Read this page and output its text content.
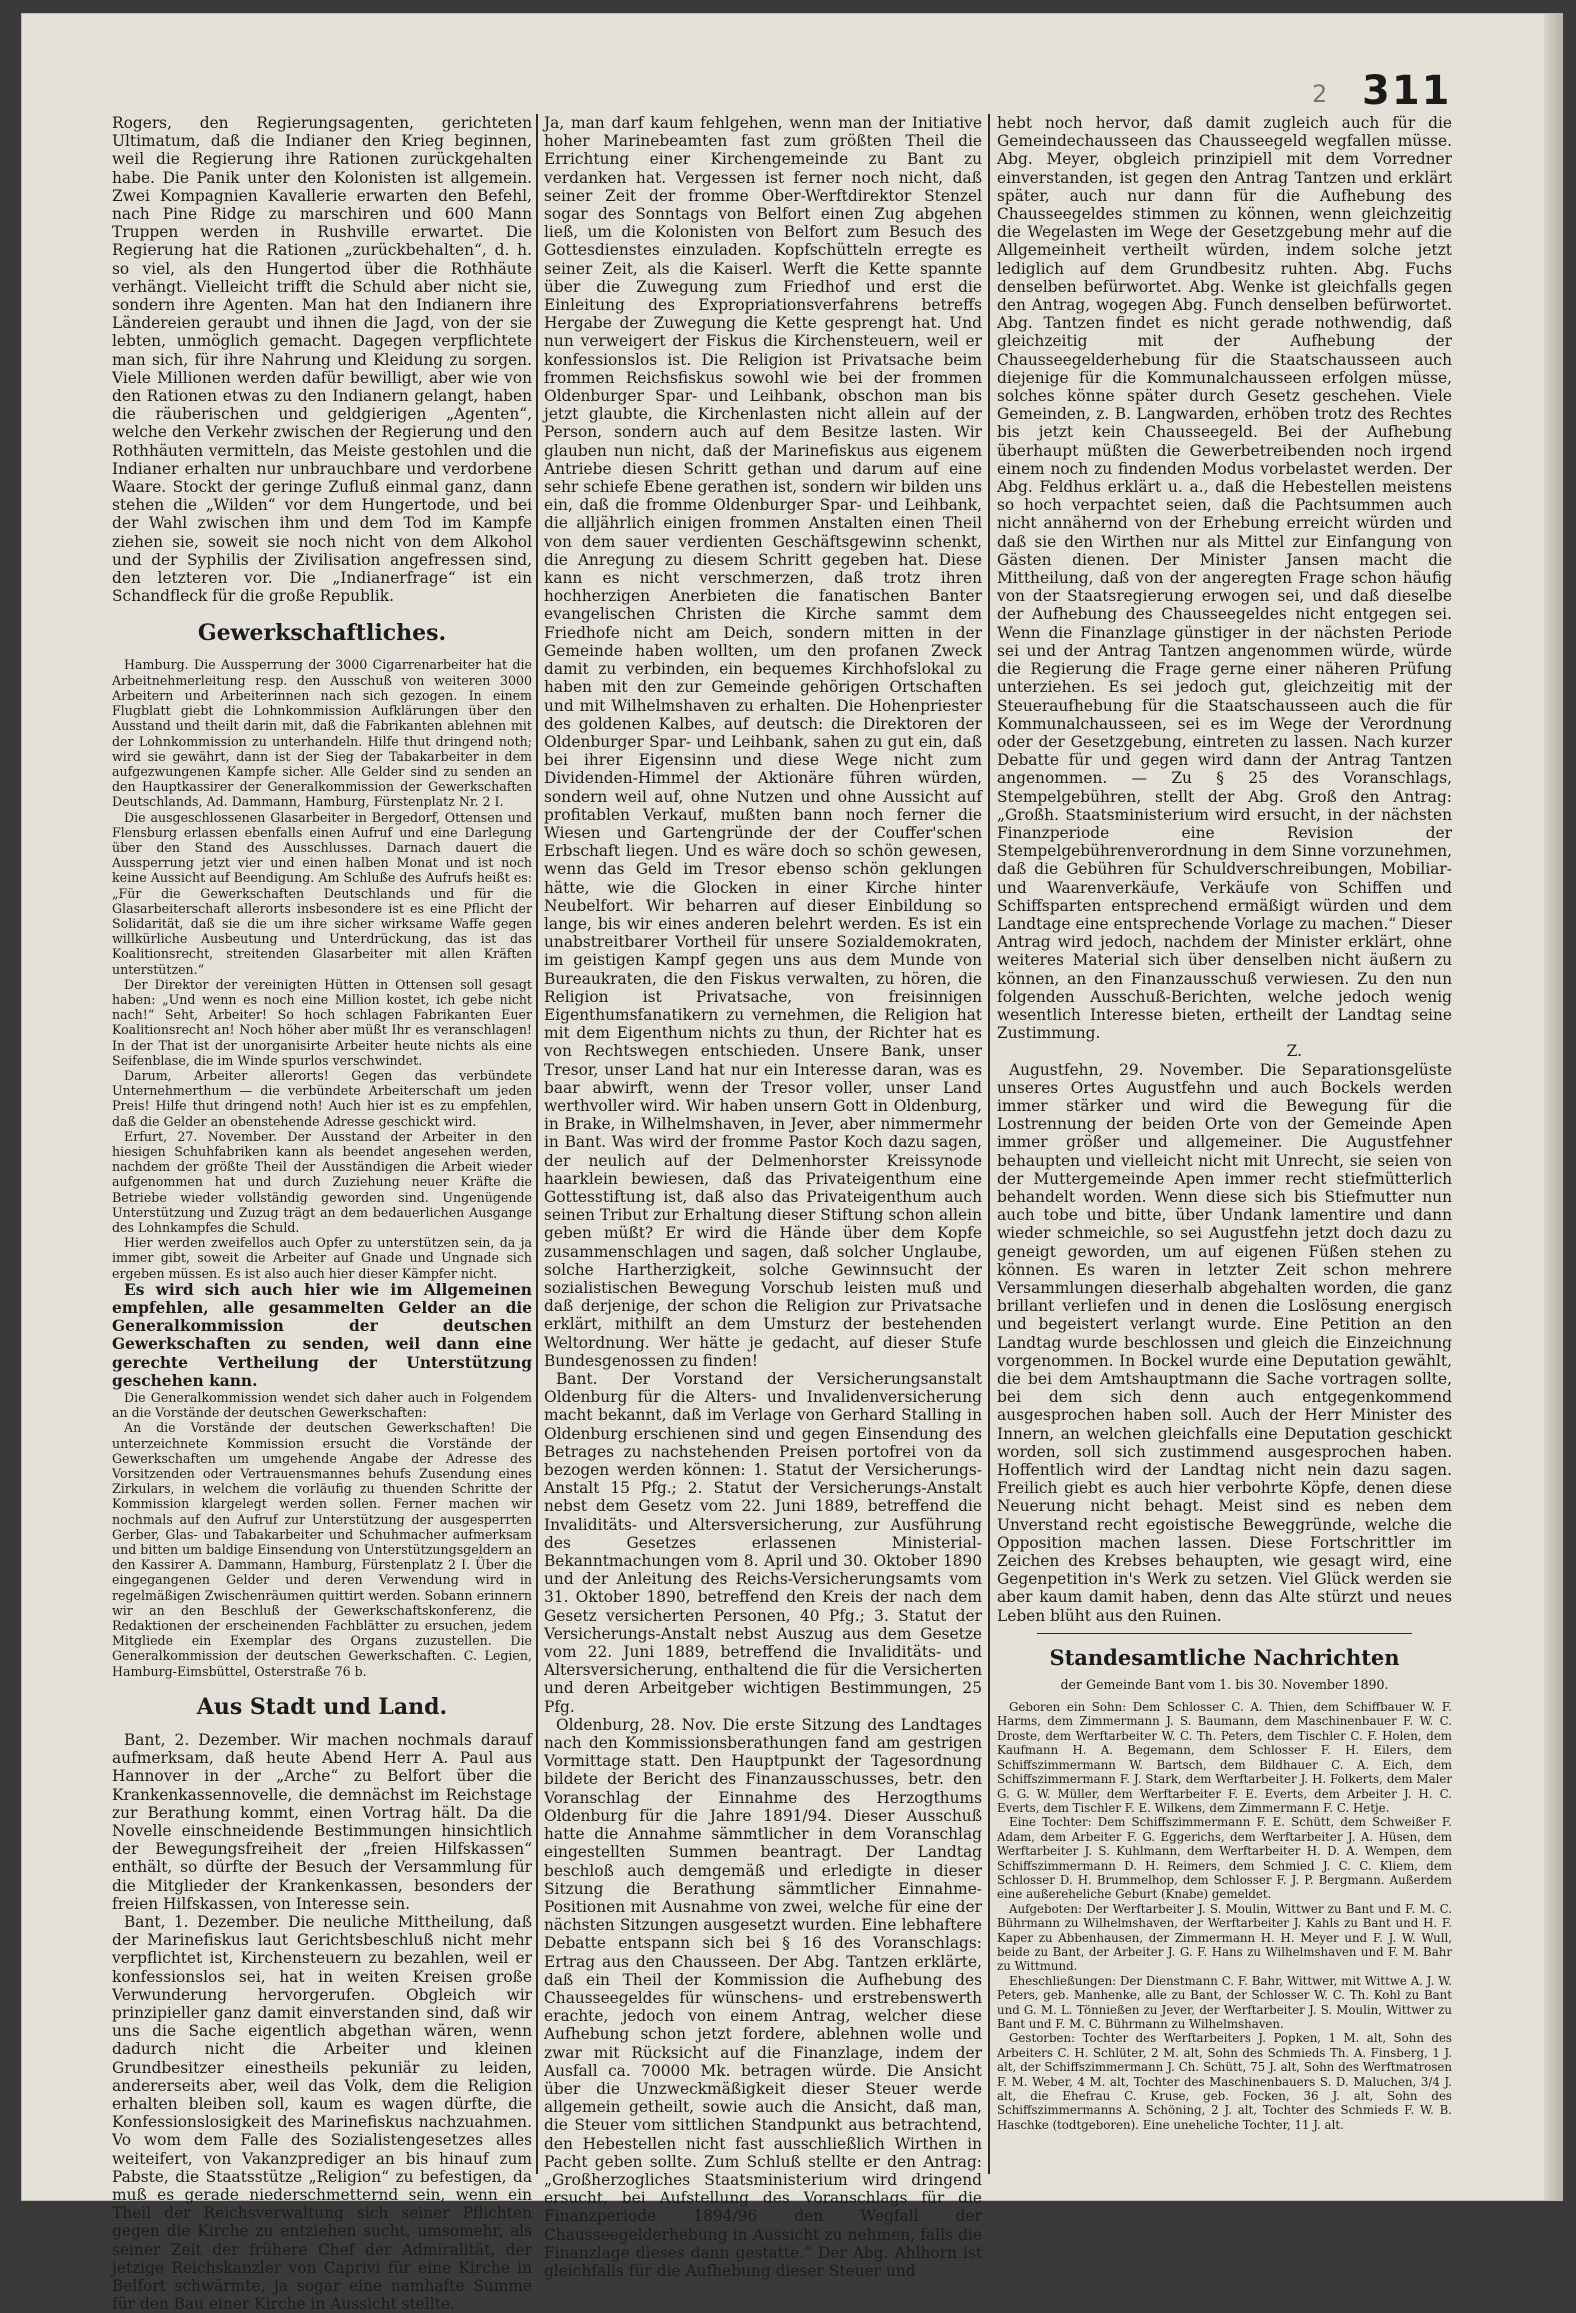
2 311

Rogers, den Regierungsagenten, gerichteten Ultimatum, daß die Indianer den Krieg beginnen, weil die Regierung ihre Rationen zurückgehalten habe. Die Panik unter den Kolonisten ist allgemein. Zwei Kompagnien Kavallerie erwarten den Befehl, nach Pine Ridge zu marschiren und 600 Mann Truppen werden in Rushville erwartet. Die Regierung hat die Rationen „zurückbehalten“, d. h. so viel, als den Hungertod über die Rothhäute verhängt. Vielleicht trifft die Schuld aber nicht sie, sondern ihre Agenten. Man hat den Indianern ihre Ländereien geraubt und ihnen die Jagd, von der sie lebten, unmöglich gemacht. Dagegen verpflichtete man sich, für ihre Nahrung und Kleidung zu sorgen. Viele Millionen werden dafür bewilligt, aber wie von den Rationen etwas zu den Indianern gelangt, haben die räuberischen und geldgierigen „Agenten“, welche den Verkehr zwischen der Regierung und den Rothhäuten vermitteln, das Meiste gestohlen und die Indianer erhalten nur unbrauchbare und verdorbene Waare. Stockt der geringe Zufluß einmal ganz, dann stehen die „Wilden“ vor dem Hungertode, und bei der Wahl zwischen ihm und dem Tod im Kampfe ziehen sie, soweit sie noch nicht von dem Alkohol und der Syphilis der Zivilisation angefressen sind, den letzteren vor. Die „Indianerfrage“ ist ein Schandfleck für die große Republik.

Gewerkschaftliches.

Hamburg. Die Aussperrung der 3000 Cigarrenarbeiter hat die Arbeitnehmerleitung resp. den Ausschuß von weiteren 3000 Arbeitern und Arbeiterinnen nach sich gezogen. In einem Flugblatt giebt die Lohnkommission Aufklärungen über den Ausstand und theilt darin mit, daß die Fabrikanten ablehnen mit der Lohnkommission zu unterhandeln. Hilfe thut dringend noth; wird sie gewährt, dann ist der Sieg der Tabakarbeiter in dem aufgezwungenen Kampfe sicher. Alle Gelder sind zu senden an den Hauptkassirer der Generalkommission der Gewerkschaften Deutschlands, Ad. Dammann, Hamburg, Fürstenplatz Nr. 2 I.

Die ausgeschlossenen Glasarbeiter in Bergedorf, Ottensen und Flensburg erlassen ebenfalls einen Aufruf und eine Darlegung über den Stand des Ausschlusses. Darnach dauert die Aussperrung jetzt vier und einen halben Monat und ist noch keine Aussicht auf Beendigung. Am Schluße des Aufrufs heißt es: „Für die Gewerkschaften Deutschlands und für die Glasarbeiterschaft allerorts insbesondere ist es eine Pflicht der Solidarität, daß sie die um ihre sicher wirksame Waffe gegen willkürliche Ausbeutung und Unterdrückung, das ist das Koalitionsrecht, streitenden Glasarbeiter mit allen Kräften unterstützen.“

Der Direktor der vereinigten Hütten in Ottensen soll gesagt haben: „Und wenn es noch eine Million kostet, ich gebe nicht nach!“ Seht, Arbeiter! So hoch schlagen Fabrikanten Euer Koalitionsrecht an! Noch höher aber müßt Ihr es veranschlagen! In der That ist der unorganisirte Arbeiter heute nichts als eine Seifenblase, die im Winde spurlos verschwindet.

Darum, Arbeiter allerorts! Gegen das verbündete Unternehmerthum — die verbündete Arbeiterschaft um jeden Preis! Hilfe thut dringend noth! Auch hier ist es zu empfehlen, daß die Gelder an obenstehende Adresse geschickt wird.

Erfurt, 27. November. Der Ausstand der Arbeiter in den hiesigen Schuhfabriken kann als beendet angesehen werden, nachdem der größte Theil der Ausständigen die Arbeit wieder aufgenommen hat und durch Zuziehung neuer Kräfte die Betriebe wieder vollständig geworden sind. Ungenügende Unterstützung und Zuzug trägt an dem bedauerlichen Ausgange des Lohnkampfes die Schuld.

Hier werden zweifellos auch Opfer zu unterstützen sein, da ja immer gibt, soweit die Arbeiter auf Gnade und Ungnade sich ergeben müssen. Es ist also auch hier dieser Kämpfer nicht.

Es wird sich auch hier wie im Allgemeinen empfehlen, alle gesammelten Gelder an die Generalkommission der deutschen Gewerkschaften zu senden, weil dann eine gerechte Vertheilung der Unterstützung geschehen kann.

Die Generalkommission wendet sich daher auch in Folgendem an die Vorstände der deutschen Gewerkschaften:

An die Vorstände der deutschen Gewerkschaften! Die unterzeichnete Kommission ersucht die Vorstände der Gewerkschaften um umgehende Angabe der Adresse des Vorsitzenden oder Vertrauensmannes behufs Zusendung eines Zirkulars, in welchem die vorläufig zu thuenden Schritte der Kommission klargelegt werden sollen. Ferner machen wir nochmals auf den Aufruf zur Unterstützung der ausgesperrten Gerber, Glas- und Tabakarbeiter und Schuhmacher aufmerksam und bitten um baldige Einsendung von Unterstützungsgeldern an den Kassirer A. Dammann, Hamburg, Fürstenplatz 2 I. Über die eingegangenen Gelder und deren Verwendung wird in regelmäßigen Zwischenräumen quittirt werden. Sobann erinnern wir an den Beschluß der Gewerkschaftskonferenz, die Redaktionen der erscheinenden Fachblätter zu ersuchen, jedem Mitgliede ein Exemplar des Organs zuzustellen. Die Generalkommission der deutschen Gewerkschaften. C. Legien, Hamburg-Eimsbüttel, Osterstraße 76 b.

Aus Stadt und Land.

Bant, 2. Dezember. Wir machen nochmals darauf aufmerksam, daß heute Abend Herr A. Paul aus Hannover in der „Arche“ zu Belfort über die Krankenkassennovelle, die demnächst im Reichstage zur Berathung kommt, einen Vortrag hält. Da die Novelle einschneidende Bestimmungen hinsichtlich der Bewegungsfreiheit der „freien Hilfskassen“ enthält, so dürfte der Besuch der Versammlung für die Mitglieder der Krankenkassen, besonders der freien Hilfskassen, von Interesse sein.

Bant, 1. Dezember. Die neuliche Mittheilung, daß der Marinefiskus laut Gerichtsbeschluß nicht mehr verpflichtet ist, Kirchensteuern zu bezahlen, weil er konfessionslos sei, hat in weiten Kreisen große Verwunderung hervorgerufen. Obgleich wir prinzipieller ganz damit einverstanden sind, daß wir uns die Sache eigentlich abgethan wären, wenn dadurch nicht die Arbeiter und kleinen Grundbesitzer einestheils pekuniär zu leiden, andererseits aber, weil das Volk, dem die Religion erhalten bleiben soll, kaum es wagen dürfte, die Konfessionslosigkeit des Marinefiskus nachzuahmen. Vo wom dem Falle des Sozialistengesetzes alles weiteifert, von Vakanzprediger an bis hinauf zum Pabste, die Staatsstütze „Religion“ zu befestigen, da muß es gerade niederschmetternd sein, wenn ein Theil der Reichsverwaltung sich seiner Pflichten gegen die Kirche zu entziehen sucht, umsomehr, als seiner Zeit der frühere Chef der Admiralität, der jetzige Reichskanzler von Caprivi für eine Kirche in Belfort schwärmte, ja sogar eine namhafte Summe für den Bau einer Kirche in Aussicht stellte.

Ja, man darf kaum fehlgehen, wenn man der Initiative hoher Marinebeamten fast zum größten Theil die Errichtung einer Kirchengemeinde zu Bant zu verdanken hat. Vergessen ist ferner noch nicht, daß seiner Zeit der fromme Ober-Werftdirektor Stenzel sogar des Sonntags von Belfort einen Zug abgehen ließ, um die Kolonisten von Belfort zum Besuch des Gottesdienstes einzuladen. Kopfschütteln erregte es seiner Zeit, als die Kaiserl. Werft die Kette spannte über die Zuwegung zum Friedhof und erst die Einleitung des Expropriationsverfahrens betreffs Hergabe der Zuwegung die Kette gesprengt hat. Und nun verweigert der Fiskus die Kirchensteuern, weil er konfessionslos ist. Die Religion ist Privatsache beim frommen Reichsfiskus sowohl wie bei der frommen Oldenburger Spar- und Leihbank, obschon man bis jetzt glaubte, die Kirchenlasten nicht allein auf der Person, sondern auch auf dem Besitze lasten. Wir glauben nun nicht, daß der Marinefiskus aus eigenem Antriebe diesen Schritt gethan und darum auf eine sehr schiefe Ebene gerathen ist, sondern wir bilden uns ein, daß die fromme Oldenburger Spar- und Leihbank, die alljährlich einigen frommen Anstalten einen Theil von dem sauer verdienten Geschäftsgewinn schenkt, die Anregung zu diesem Schritt gegeben hat. Diese kann es nicht verschmerzen, daß trotz ihren hochherzigen Anerbieten die fanatischen Banter evangelischen Christen die Kirche sammt dem Friedhofe nicht am Deich, sondern mitten in der Gemeinde haben wollten, um den profanen Zweck damit zu verbinden, ein bequemes Kirchhofslokal zu haben mit den zur Gemeinde gehörigen Ortschaften und mit Wilhelmshaven zu erhalten. Die Hohenpriester des goldenen Kalbes, auf deutsch: die Direktoren der Oldenburger Spar- und Leihbank, sahen zu gut ein, daß bei ihrer Eigensinn und diese Wege nicht zum Dividenden-Himmel der Aktionäre führen würden, sondern weil auf, ohne Nutzen und ohne Aussicht auf profitablen Verkauf, mußten bann noch ferner die Wiesen und Gartengründe der der Couffer'schen Erbschaft liegen. Und es wäre doch so schön gewesen, wenn das Geld im Tresor ebenso schön geklungen hätte, wie die Glocken in einer Kirche hinter Neubelfort. Wir beharren auf dieser Einbildung so lange, bis wir eines anderen belehrt werden. Es ist ein unabstreitbarer Vortheil für unsere Sozialdemokraten, im geistigen Kampf gegen uns aus dem Munde von Bureaukraten, die den Fiskus verwalten, zu hören, die Religion ist Privatsache, von freisinnigen Eigenthumsfanatikern zu vernehmen, die Religion hat mit dem Eigenthum nichts zu thun, der Richter hat es von Rechtswegen entschieden. Unsere Bank, unser Tresor, unser Land hat nur ein Interesse daran, was es baar abwirft, wenn der Tresor voller, unser Land werthvoller wird. Wir haben unsern Gott in Oldenburg, in Brake, in Wilhelmshaven, in Jever, aber nimmermehr in Bant. Was wird der fromme Pastor Koch dazu sagen, der neulich auf der Delmenhorster Kreissynode haarklein bewiesen, daß das Privateigenthum eine Gottesstiftung ist, daß also das Privateigenthum auch seinen Tribut zur Erhaltung dieser Stiftung schon allein geben müßt? Er wird die Hände über dem Kopfe zusammenschlagen und sagen, daß solcher Unglaube, solche Hartherzigkeit, solche Gewinnsucht der sozialistischen Bewegung Vorschub leisten muß und daß derjenige, der schon die Religion zur Privatsache erklärt, mithilft an dem Umsturz der bestehenden Weltordnung. Wer hätte je gedacht, auf dieser Stufe Bundesgenossen zu finden!

Bant. Der Vorstand der Versicherungsanstalt Oldenburg für die Alters- und Invalidenversicherung macht bekannt, daß im Verlage von Gerhard Stalling in Oldenburg erschienen sind und gegen Einsendung des Betrages zu nachstehenden Preisen portofrei von da bezogen werden können: 1. Statut der Versicherungs-Anstalt 15 Pfg.; 2. Statut der Versicherungs-Anstalt nebst dem Gesetz vom 22. Juni 1889, betreffend die Invaliditäts- und Altersversicherung, zur Ausführung des Gesetzes erlassenen Ministerial-Bekanntmachungen vom 8. April und 30. Oktober 1890 und der Anleitung des Reichs-Versicherungsamts vom 31. Oktober 1890, betreffend den Kreis der nach dem Gesetz versicherten Personen, 40 Pfg.; 3. Statut der Versicherungs-Anstalt nebst Auszug aus dem Gesetze vom 22. Juni 1889, betreffend die Invaliditäts- und Altersversicherung, enthaltend die für die Versicherten und deren Arbeitgeber wichtigen Bestimmungen, 25 Pfg.

Oldenburg, 28. Nov. Die erste Sitzung des Landtages nach den Kommissionsberathungen fand am gestrigen Vormittage statt. Den Hauptpunkt der Tagesordnung bildete der Bericht des Finanzausschusses, betr. den Voranschlag der Einnahme des Herzogthums Oldenburg für die Jahre 1891/94. Dieser Ausschuß hatte die Annahme sämmtlicher in dem Voranschlag eingestellten Summen beantragt. Der Landtag beschloß auch demgemäß und erledigte in dieser Sitzung die Berathung sämmtlicher Einnahme-Positionen mit Ausnahme von zwei, welche für eine der nächsten Sitzungen ausgesetzt wurden. Eine lebhaftere Debatte entspann sich bei § 16 des Voranschlags: Ertrag aus den Chausseen. Der Abg. Tantzen erklärte, daß ein Theil der Kommission die Aufhebung des Chausseegeldes für wünschens- und erstrebenswerth erachte, jedoch von einem Antrag, welcher diese Aufhebung schon jetzt fordere, ablehnen wolle und zwar mit Rücksicht auf die Finanzlage, indem der Ausfall ca. 70000 Mk. betragen würde. Die Ansicht über die Unzweckmäßigkeit dieser Steuer werde allgemein getheilt, sowie auch die Ansicht, daß man, die Steuer vom sittlichen Standpunkt aus betrachtend, den Hebestellen nicht fast ausschließlich Wirthen in Pacht geben sollte. Zum Schluß stellte er den Antrag: „Großherzogliches Staatsministerium wird dringend ersucht, bei Aufstellung des Voranschlags für die Finanzperiode 1894/96 den Wegfall der Chausseegelderhebung in Aussicht zu nehmen, falls die Finanzlage dieses dann gestatte.“ Der Abg. Ahlhorn ist gleichfalls für die Aufhebung dieser Steuer und

hebt noch hervor, daß damit zugleich auch für die Gemeindechausseen das Chausseegeld wegfallen müsse. Abg. Meyer, obgleich prinzipiell mit dem Vorredner einverstanden, ist gegen den Antrag Tantzen und erklärt später, auch nur dann für die Aufhebung des Chausseegeldes stimmen zu können, wenn gleichzeitig die Wegelasten im Wege der Gesetzgebung mehr auf die Allgemeinheit vertheilt würden, indem solche jetzt lediglich auf dem Grundbesitz ruhten. Abg. Fuchs denselben befürwortet. Abg. Wenke ist gleichfalls gegen den Antrag, wogegen Abg. Funch denselben befürwortet. Abg. Tantzen findet es nicht gerade nothwendig, daß gleichzeitig mit der Aufhebung der Chausseegelderhebung für die Staatschausseen auch diejenige für die Kommunalchausseen erfolgen müsse, solches könne später durch Gesetz geschehen. Viele Gemeinden, z. B. Langwarden, erhöben trotz des Rechtes bis jetzt kein Chausseegeld. Bei der Aufhebung überhaupt müßten die Gewerbetreibenden noch irgend einem noch zu findenden Modus vorbelastet werden. Der Abg. Feldhus erklärt u. a., daß die Hebestellen meistens so hoch verpachtet seien, daß die Pachtsummen auch nicht annähernd von der Erhebung erreicht würden und daß sie den Wirthen nur als Mittel zur Einfangung von Gästen dienen. Der Minister Jansen macht die Mittheilung, daß von der angeregten Frage schon häufig von der Staatsregierung erwogen sei, und daß dieselbe der Aufhebung des Chausseegeldes nicht entgegen sei. Wenn die Finanzlage günstiger in der nächsten Periode sei und der Antrag Tantzen angenommen würde, würde die Regierung die Frage gerne einer näheren Prüfung unterziehen. Es sei jedoch gut, gleichzeitig mit der Steueraufhebung für die Staatschausseen auch die für Kommunalchausseen, sei es im Wege der Verordnung oder der Gesetzgebung, eintreten zu lassen. Nach kurzer Debatte für und gegen wird dann der Antrag Tantzen angenommen. — Zu § 25 des Voranschlags, Stempelgebühren, stellt der Abg. Groß den Antrag: „Großh. Staatsministerium wird ersucht, in der nächsten Finanzperiode eine Revision der Stempelgebührenverordnung in dem Sinne vorzunehmen, daß die Gebühren für Schuldverschreibungen, Mobiliar- und Waarenverkäufe, Verkäufe von Schiffen und Schiffsparten entsprechend ermäßigt würden und dem Landtage eine entsprechende Vorlage zu machen.“ Dieser Antrag wird jedoch, nachdem der Minister erklärt, ohne weiteres Material sich über denselben nicht äußern zu können, an den Finanzausschuß verwiesen. Zu den nun folgenden Ausschuß-Berichten, welche jedoch wenig wesentlich Interesse bieten, ertheilt der Landtag seine Zustimmung.

Z.

Augustfehn, 29. November. Die Separationsgelüste unseres Ortes Augustfehn und auch Bockels werden immer stärker und wird die Bewegung für die Lostrennung der beiden Orte von der Gemeinde Apen immer größer und allgemeiner. Die Augustfehner behaupten und vielleicht nicht mit Unrecht, sie seien von der Muttergemeinde Apen immer recht stiefmütterlich behandelt worden. Wenn diese sich bis Stiefmutter nun auch tobe und bitte, über Undank lamentire und dann wieder schmeichle, so sei Augustfehn jetzt doch dazu zu geneigt geworden, um auf eigenen Füßen stehen zu können. Es waren in letzter Zeit schon mehrere Versammlungen dieserhalb abgehalten worden, die ganz brillant verliefen und in denen die Loslösung energisch und begeistert verlangt wurde. Eine Petition an den Landtag wurde beschlossen und gleich die Einzeichnung vorgenommen. In Bockel wurde eine Deputation gewählt, die bei dem Amtshauptmann die Sache vortragen sollte, bei dem sich denn auch entgegenkommend ausgesprochen haben soll. Auch der Herr Minister des Innern, an welchen gleichfalls eine Deputation geschickt worden, soll sich zustimmend ausgesprochen haben. Hoffentlich wird der Landtag nicht nein dazu sagen. Freilich giebt es auch hier verbohrte Köpfe, denen diese Neuerung nicht behagt. Meist sind es neben dem Unverstand recht egoistische Beweggründe, welche die Opposition machen lassen. Diese Fortschrittler im Zeichen des Krebses behaupten, wie gesagt wird, eine Gegenpetition in's Werk zu setzen. Viel Glück werden sie aber kaum damit haben, denn das Alte stürzt und neues Leben blüht aus den Ruinen.

Standesamtliche Nachrichten
der Gemeinde Bant vom 1. bis 30. November 1890.

Geboren ein Sohn: Dem Schlosser C. A. Thien, dem Schiffbauer W. F. Harms, dem Zimmermann J. S. Baumann, dem Maschinenbauer F. W. C. Droste, dem Werftarbeiter W. C. Th. Peters, dem Tischler C. F. Holen, dem Kaufmann H. A. Begemann, dem Schlosser F. H. Eilers, dem Schiffszimmermann W. Bartsch, dem Bildhauer C. A. Eich, dem Schiffszimmermann F. J. Stark, dem Werftarbeiter J. H. Folkerts, dem Maler G. G. W. Müller, dem Werftarbeiter F. E. Everts, dem Arbeiter J. H. C. Everts, dem Tischler F. E. Wilkens, dem Zimmermann F. C. Hetje.

Eine Tochter: Dem Schiffszimmermann F. E. Schütt, dem Schweißer F. Adam, dem Arbeiter F. G. Eggerichs, dem Werftarbeiter J. A. Hüsen, dem Werftarbeiter J. S. Kuhlmann, dem Werftarbeiter H. D. A. Wempen, dem Schiffszimmermann D. H. Reimers, dem Schmied J. C. C. Kliem, dem Schlosser D. H. Brummelhop, dem Schlosser F. J. P. Bergmann. Außerdem eine außereheliche Geburt (Knabe) gemeldet.

Aufgeboten: Der Werftarbeiter J. S. Moulin, Wittwer zu Bant und F. M. C. Bührmann zu Wilhelmshaven, der Werftarbeiter J. Kahls zu Bant und H. F. Kaper zu Abbenhausen, der Zimmermann H. H. Meyer und F. J. W. Wull, beide zu Bant, der Arbeiter J. G. F. Hans zu Wilhelmshaven und F. M. Bahr zu Wittmund.

Eheschließungen: Der Dienstmann C. F. Bahr, Wittwer, mit Wittwe A. J. W. Peters, geb. Manhenke, alle zu Bant, der Schlosser W. C. Th. Kohl zu Bant und G. M. L. Tönnießen zu Jever, der Werftarbeiter J. S. Moulin, Wittwer zu Bant und F. M. C. Bührmann zu Wilhelmshaven.

Gestorben: Tochter des Werftarbeiters J. Popken, 1 M. alt, Sohn des Arbeiters C. H. Schlüter, 2 M. alt, Sohn des Schmieds Th. A. Finsberg, 1 J. alt, der Schiffszimmermann J. Ch. Schütt, 75 J. alt, Sohn des Werftmatrosen F. M. Weber, 4 M. alt, Tochter des Maschinenbauers S. D. Maluchen, 3/4 J. alt, die Ehefrau C. Kruse, geb. Focken, 36 J. alt, Sohn des Schiffszimmermanns A. Schöning, 2 J. alt, Tochter des Schmieds F. W. B. Haschke (todtgeboren). Eine uneheliche Tochter, 11 J. alt.
